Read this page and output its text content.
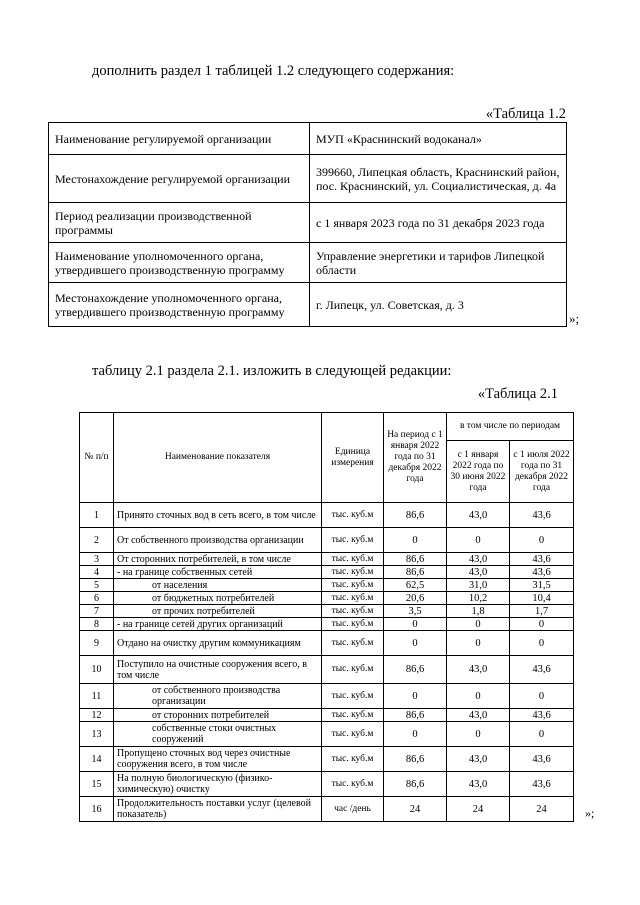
дополнить раздел 1 таблицей 1.2 следующего содержания:
«Таблица 1.2
Наименование регулируемой организации	МУП «Краснинский водоканал»
Местонахождение регулируемой организации	399660, Липецкая область, Краснинский район, пос. Краснинский, ул. Социалистическая, д. 4а
Период реализации производственной программы	с 1 января 2023 года по 31 декабря 2023 года
Наименование уполномоченного органа, утвердившего производственную программу	Управление энергетики и тарифов Липецкой области
Местонахождение уполномоченного органа, утвердившего производственную программу	г. Липецк, ул. Советская, д. 3
»;
таблицу 2.1 раздела 2.1. изложить в следующей редакции:
«Таблица 2.1
№ п/п	Наименование показателя	Единица измерения	На период с 1 января 2022 года по 31 декабря 2022 года	в том числе по периодам	
				с 1 января 2022 года по 30 июня 2022 года	с 1 июля 2022 года по 31 декабря 2022 года
1	Принято сточных вод в сеть всего, в том числе	тыс. куб.м	86,6	43,0	43,6
2	От собственного производства организации	тыс. куб.м	0	0	0
3	От сторонних потребителей, в том числе	тыс. куб.м	86,6	43,0	43,6
4	- на границе собственных сетей	тыс. куб.м	86,6	43,0	43,6
5	от населения	тыс. куб.м	62,5	31,0	31,5
6	от бюджетных потребителей	тыс. куб.м	20,6	10,2	10,4
7	от прочих потребителей	тыс. куб.м	3,5	1,8	1,7
8	- на границе сетей других организаций	тыс. куб.м	0	0	0
9	Отдано на очистку другим коммуникациям	тыс. куб.м	0	0	0
10	Поступило на очистные сооружения всего, в том числе	тыс. куб.м	86,6	43,0	43,6
11	от собственного производства организации	тыс. куб.м	0	0	0
12	от сторонних потребителей	тыс. куб.м	86,6	43,0	43,6
13	собственные стоки очистных сооружений	тыс. куб.м	0	0	0
14	Пропущено сточных вод через очистные сооружения всего, в том числе	тыс. куб.м	86,6	43,0	43,6
15	На полную биологическую (физико-химическую) очистку	тыс. куб.м	86,6	43,0	43,6
16	Продолжительность поставки услуг (целевой показатель)	час /день	24	24	24	»;
